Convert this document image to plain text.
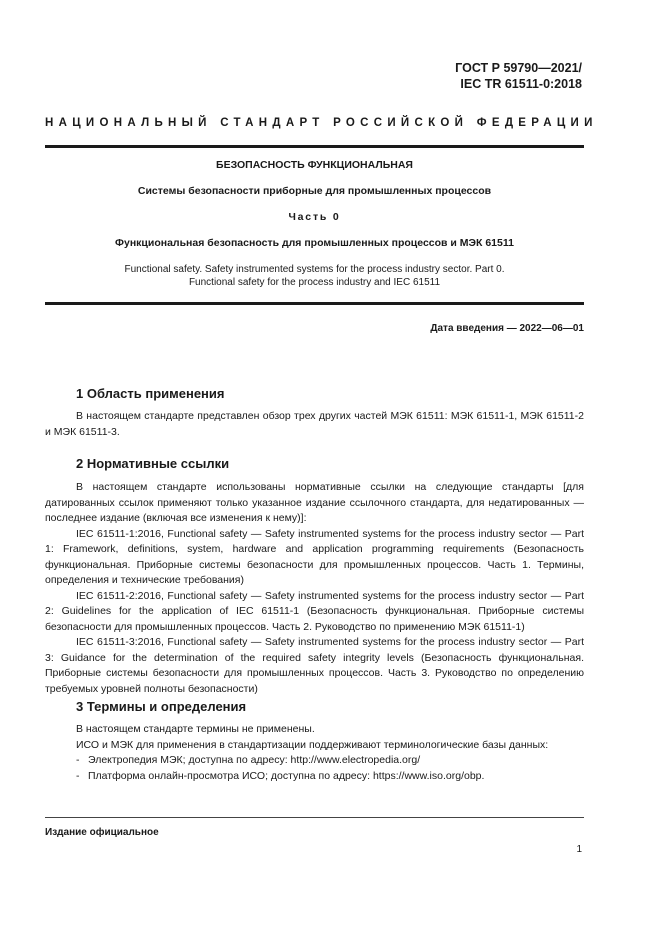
ГОСТ Р 59790—2021/
IEC TR 61511-0:2018
НАЦИОНАЛЬНЫЙ СТАНДАРТ РОССИЙСКОЙ ФЕДЕРАЦИИ
БЕЗОПАСНОСТЬ ФУНКЦИОНАЛЬНАЯ
Системы безопасности приборные для промышленных процессов
Часть 0
Функциональная безопасность для промышленных процессов и МЭК 61511
Functional safety. Safety instrumented systems for the process industry sector. Part 0.
Functional safety for the process industry and IEC 61511
Дата введения — 2022—06—01
1 Область применения

В настоящем стандарте представлен обзор трех других частей МЭК 61511: МЭК 61511-1, МЭК 61511-2 и МЭК 61511-3.

2 Нормативные ссылки

В настоящем стандарте использованы нормативные ссылки на следующие стандарты [для датированных ссылок применяют только указанное издание ссылочного стандарта, для недатированных — последнее издание (включая все изменения к нему)]:

IEC 61511-1:2016, Functional safety — Safety instrumented systems for the process industry sector — Part 1: Framework, definitions, system, hardware and application programming requirements (Безопасность функциональная. Приборные системы безопасности для промышленных процессов. Часть 1. Термины, определения и технические требования)

IEC 61511-2:2016, Functional safety — Safety instrumented systems for the process industry sector — Part 2: Guidelines for the application of IEC 61511-1 (Безопасность функциональная. Приборные системы безопасности для промышленных процессов. Часть 2. Руководство по применению МЭК 61511-1)

IEC 61511-3:2016, Functional safety — Safety instrumented systems for the process industry sector — Part 3: Guidance for the determination of the required safety integrity levels (Безопасность функциональная. Приборные системы безопасности для промышленных процессов. Часть 3. Руководство по определению требуемых уровней полноты безопасности)

3 Термины и определения

В настоящем стандарте термины не применены.

ИСО и МЭК для применения в стандартизации поддерживают терминологические базы данных:

- Электропедия МЭК; доступна по адресу: http://www.electropedia.org/
- Платформа онлайн-просмотра ИСО; доступна по адресу: https://www.iso.org/obp.
Издание официальное
1
